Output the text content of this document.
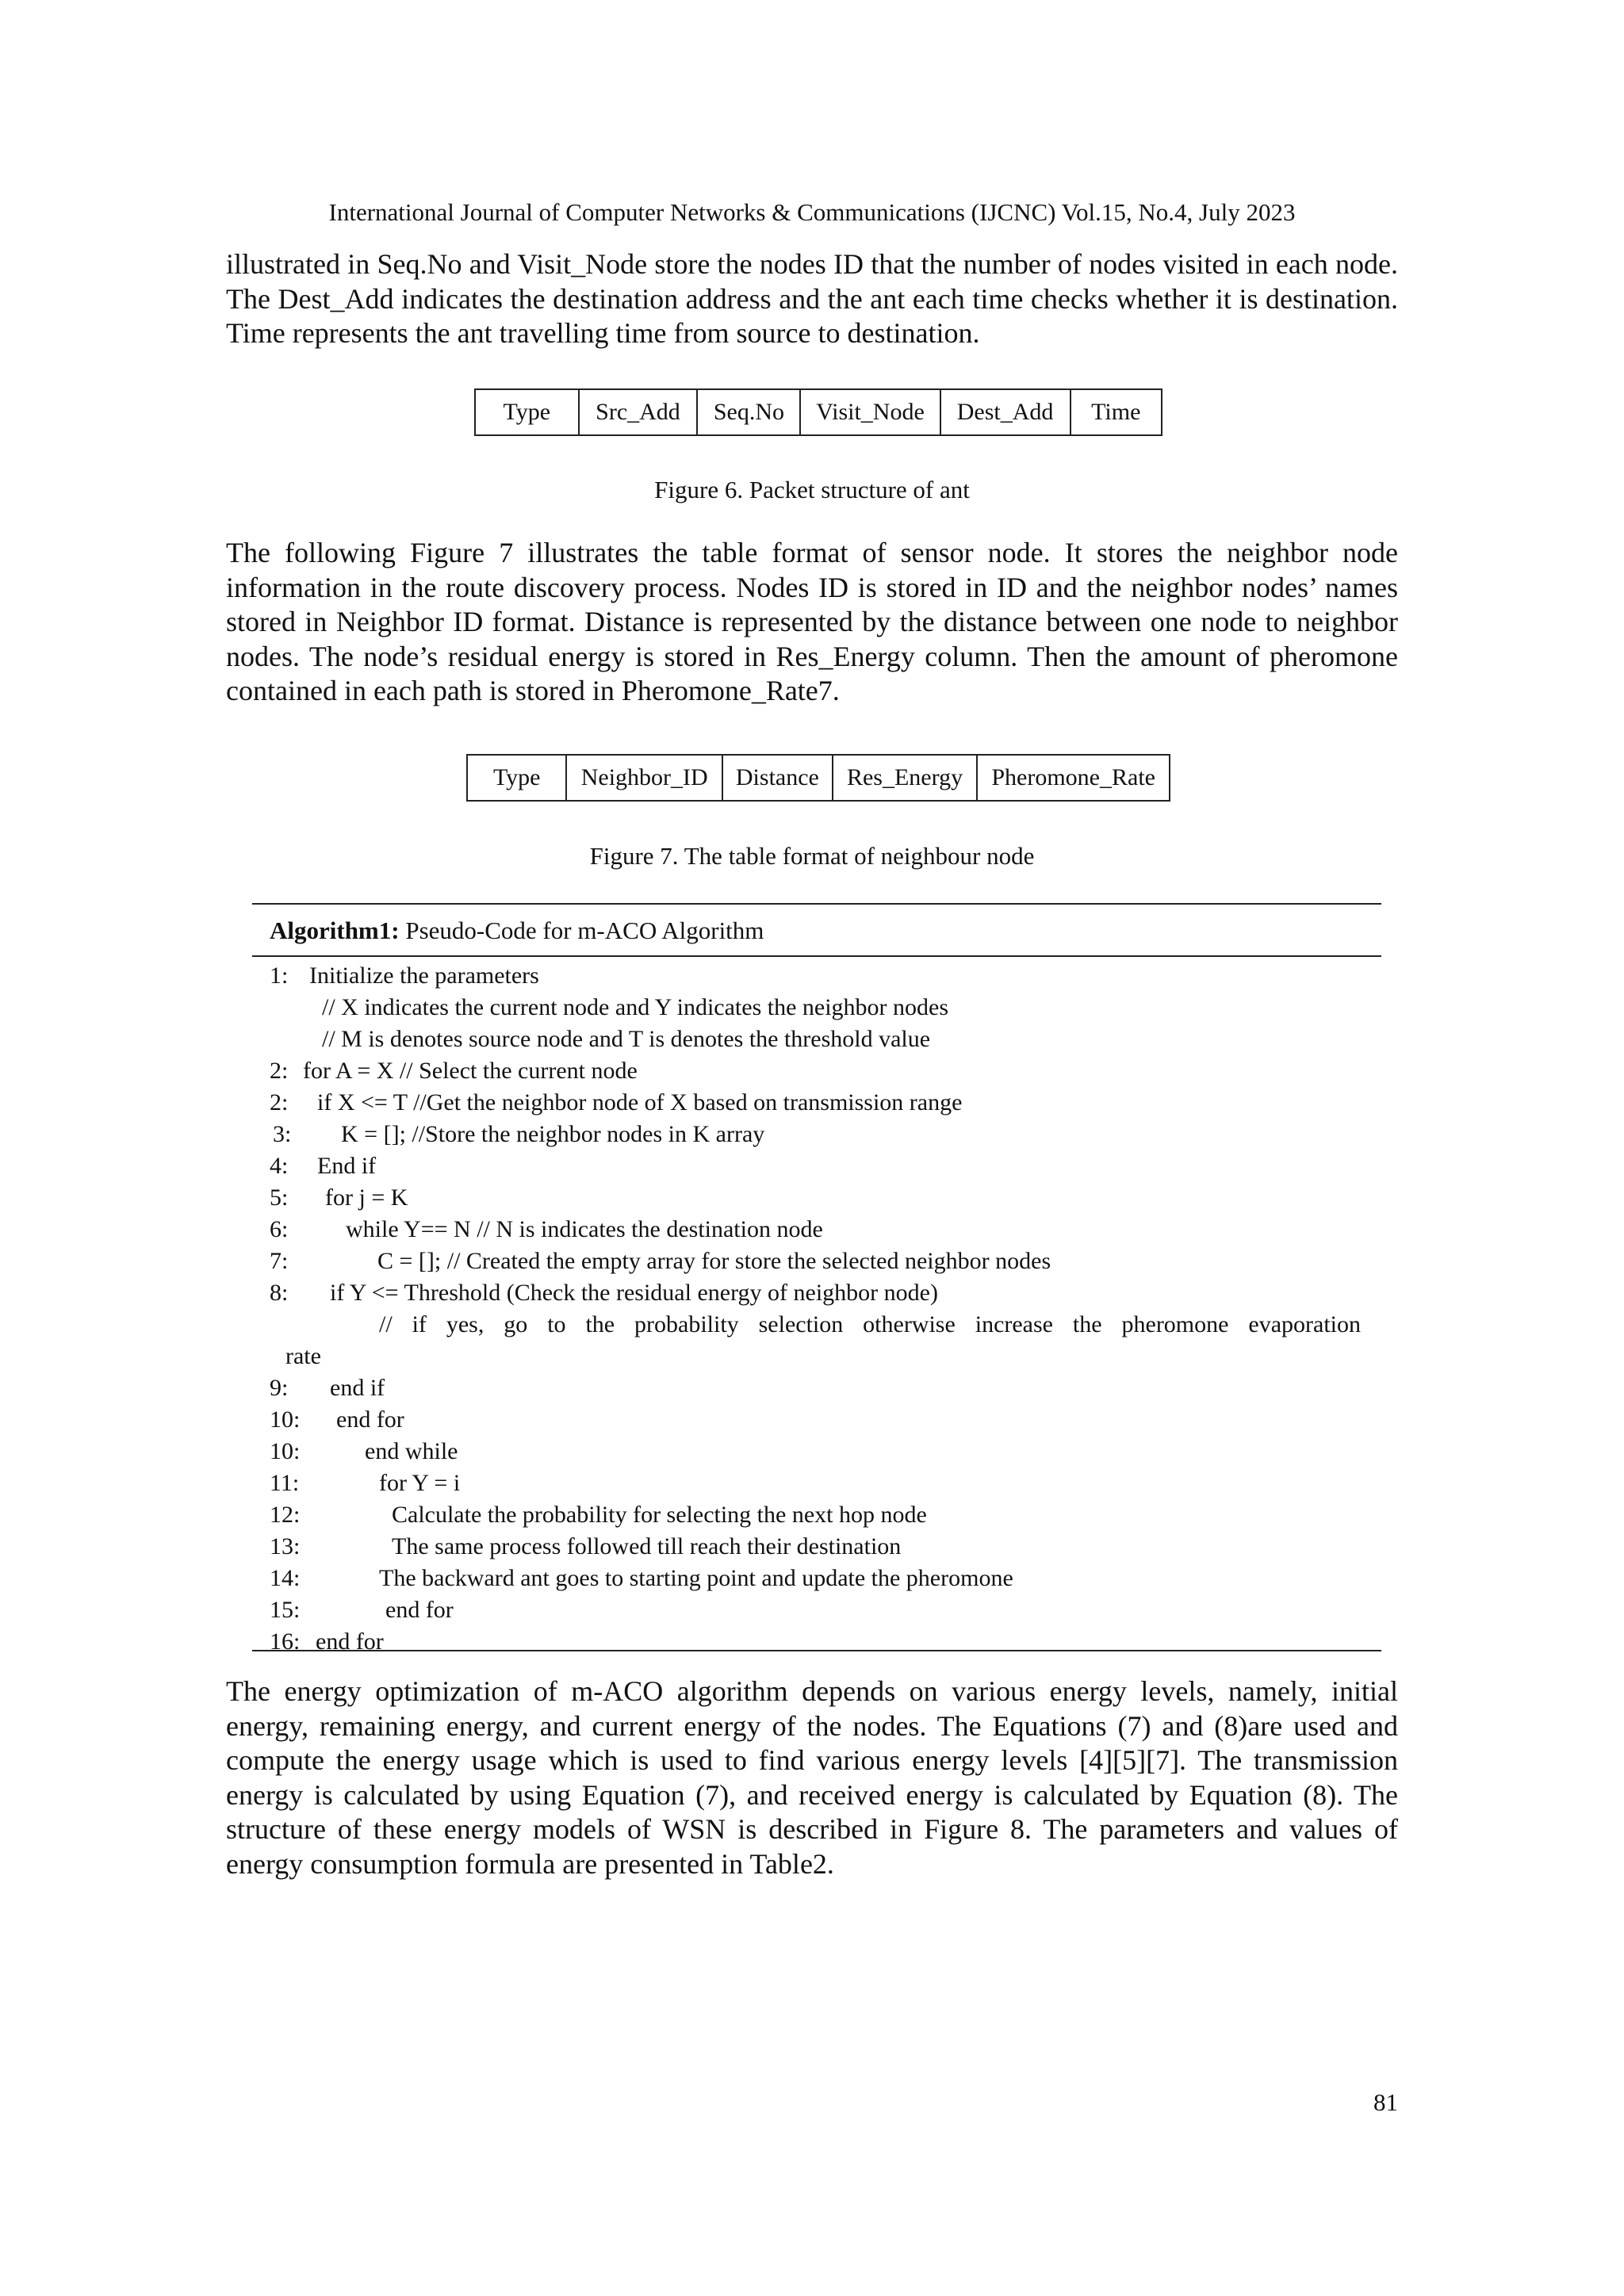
International Journal of Computer Networks & Communications (IJCNC) Vol.15, No.4, July 2023

illustrated in Seq.No and Visit_Node store the nodes ID that the number of nodes visited in each node. The Dest_Add indicates the destination address and the ant each time checks whether it is destination. Time represents the ant travelling time from source to destination.

Type	Src_Add	Seq.No	Visit_Node	Dest_Add	Time
Figure 6. Packet structure of ant

The following Figure 7 illustrates the table format of sensor node. It stores the neighbor node information in the route discovery process. Nodes ID is stored in ID and the neighbor nodes’ names stored in Neighbor ID format. Distance is represented by the distance between one node to neighbor nodes. The node’s residual energy is stored in Res_Energy column. Then the amount of pheromone contained in each path is stored in Pheromone_Rate7.

Type	Neighbor_ID	Distance	Res_Energy	Pheromone_Rate
Figure 7. The table format of neighbour node
Algorithm1: Pseudo-Code for m-ACO Algorithm
1: Initialize the parameters
// X indicates the current node and Y indicates the neighbor nodes
// M is denotes source node and T is denotes the threshold value
2: for A = X // Select the current node
2: if X <= T //Get the neighbor node of X based on transmission range
3: K = []; //Store the neighbor nodes in K array
4: End if
5: for j = K
6: while Y== N // N is indicates the destination node
7:	C = []; // Created the empty array for store the selected neighbor nodes
8: if Y <= Threshold (Check the residual energy of neighbor node)
// if yes, go to the probability selection otherwise increase the pheromone evaporation
rate
9: end if
10: end for
10:	end while
11:	for Y = i
12:	Calculate the probability for selecting the next hop node
13:	The same process followed till reach their destination
14:	The backward ant goes to starting point and update the pheromone
15:	end for
16: end for

The energy optimization of m-ACO algorithm depends on various energy levels, namely, initial energy, remaining energy, and current energy of the nodes. The Equations (7) and (8)are used and compute the energy usage which is used to find various energy levels [4][5][7]. The transmission energy is calculated by using Equation (7), and received energy is calculated by Equation (8). The structure of these energy models of WSN is described in Figure 8. The parameters and values of energy consumption formula are presented in Table2.

81
